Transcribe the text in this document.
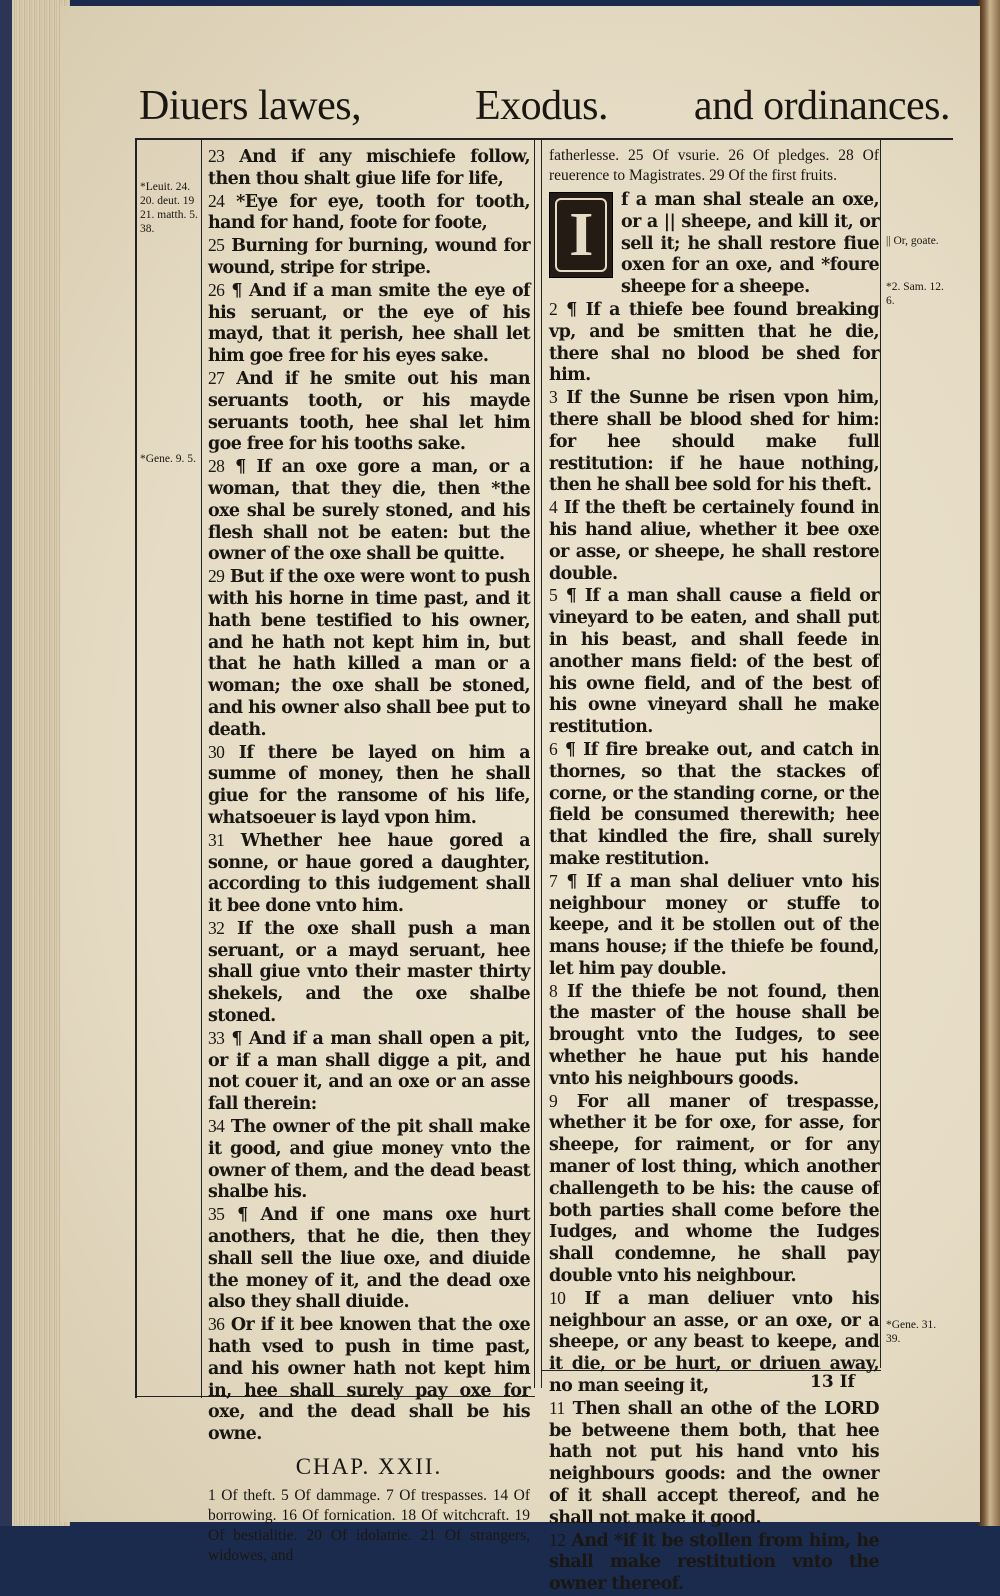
Diuers lawes,	Exodus. and ordinances.
*Leuit. 24. 20. deut. 19 21. matth. 5. 38.
*Gene. 9. 5.
|| Or, goate.
*2. Sam. 12. 6.
*Gene. 31. 39.

23 And if any mischiefe follow, then thou shalt giue life for life,

24 *Eye for eye, tooth for tooth, hand for hand, foote for foote,

25 Burning for burning, wound for wound, stripe for stripe.

26 ¶ And if a man smite the eye of his seruant, or the eye of his mayd, that it perish, hee shall let him goe free for his eyes sake.

27 And if he smite out his man seruants tooth, or his mayde seruants tooth, hee shal let him goe free for his tooths sake.

28 ¶ If an oxe gore a man, or a woman, that they die, then *the oxe shal be surely stoned, and his flesh shall not be eaten: but the owner of the oxe shall be quitte.

29 But if the oxe were wont to push with his horne in time past, and it hath bene testified to his owner, and he hath not kept him in, but that he hath killed a man or a woman; the oxe shall be stoned, and his owner also shall bee put to death.

30 If there be layed on him a summe of money, then he shall giue for the ransome of his life, whatsoeuer is layd vpon him.

31 Whether hee haue gored a sonne, or haue gored a daughter, according to this iudgement shall it bee done vnto him.

32 If the oxe shall push a man seruant, or a mayd seruant, hee shall giue vnto their master thirty shekels, and the oxe shalbe stoned.

33 ¶ And if a man shall open a pit, or if a man shall digge a pit, and not couer it, and an oxe or an asse fall therein:

34 The owner of the pit shall make it good, and giue money vnto the owner of them, and the dead beast shalbe his.

35 ¶ And if one mans oxe hurt anothers, that he die, then they shall sell the liue oxe, and diuide the money of it, and the dead oxe also they shall diuide.

36 Or if it bee knowen that the oxe hath vsed to push in time past, and his owner hath not kept him in, hee shall surely pay oxe for oxe, and the dead shall be his owne.

CHAP. XXII.

1 Of theft. 5 Of dammage. 7 Of trespasses. 14 Of borrowing. 16 Of fornication. 18 Of witchcraft. 19 Of bestialitie. 20 Of idolatrie. 21 Of strangers, widowes, and

fatherlesse. 25 Of vsurie. 26 Of pledges. 28 Of reuerence to Magistrates. 29 Of the first fruits.

I
f a man shal steale an oxe, or a || sheepe, and kill it, or sell it; he shall restore fiue oxen for an oxe, and *foure sheepe for a sheepe.

2 ¶ If a thiefe bee found breaking vp, and be smitten that he die, there shal no blood be shed for him.

3 If the Sunne be risen vpon him, there shall be blood shed for him: for hee should make full restitution: if he haue nothing, then he shall bee sold for his theft.

4 If the theft be certainely found in his hand aliue, whether it bee oxe or asse, or sheepe, he shall restore double.

5 ¶ If a man shall cause a field or vineyard to be eaten, and shall put in his beast, and shall feede in another mans field: of the best of his owne field, and of the best of his owne vineyard shall he make restitution.

6 ¶ If fire breake out, and catch in thornes, so that the stackes of corne, or the standing corne, or the field be consumed therewith; hee that kindled the fire, shall surely make restitution.

7 ¶ If a man shal deliuer vnto his neighbour money or stuffe to keepe, and it be stollen out of the mans house; if the thiefe be found, let him pay double.

8 If the thiefe be not found, then the master of the house shall be brought vnto the Iudges, to see whether he haue put his hande vnto his neighbours goods.

9 For all maner of trespasse, whether it be for oxe, for asse, for sheepe, for raiment, or for any maner of lost thing, which another challengeth to be his: the cause of both parties shall come before the Iudges, and whome the Iudges shall condemne, he shall pay double vnto his neighbour.

10 If a man deliuer vnto his neighbour an asse, or an oxe, or a sheepe, or any beast to keepe, and it die, or be hurt, or driuen away, no man seeing it,

11 Then shall an othe of the LORD be betweene them both, that hee hath not put his hand vnto his neighbours goods: and the owner of it shall accept thereof, and he shall not make it good.

12 And *if it be stollen from him, he shall make restitution vnto the owner thereof.

13 If
